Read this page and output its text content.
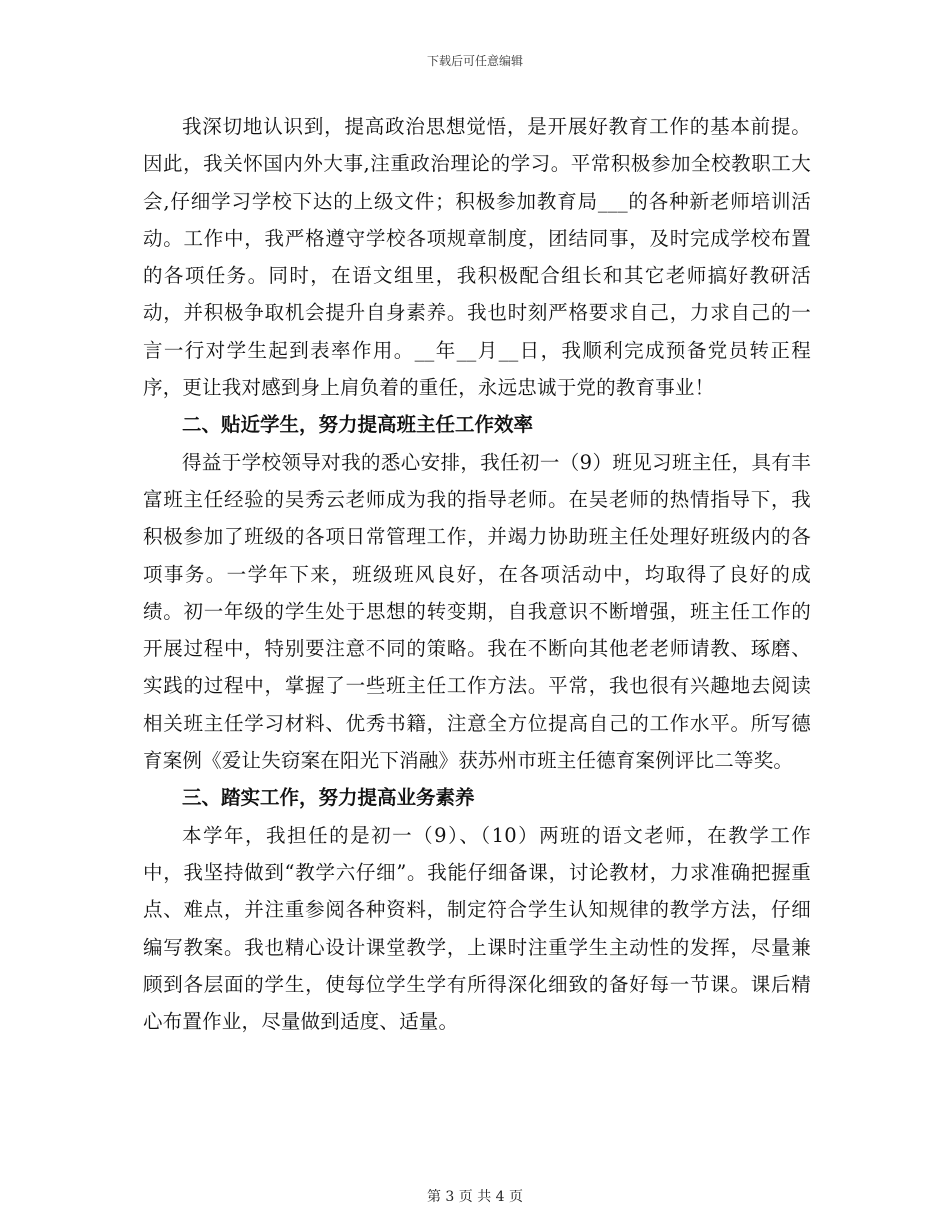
下载后可任意编辑

我深切地认识到，提高政治思想觉悟，是开展好教育工作的基本前提。因此，我关怀国内外大事,注重政治理论的学习。平常积极参加全校教职工大会,仔细学习学校下达的上级文件；积极参加教育局___的各种新老师培训活动。工作中，我严格遵守学校各项规章制度，团结同事，及时完成学校布置的各项任务。同时，在语文组里，我积极配合组长和其它老师搞好教研活动，并积极争取机会提升自身素养。我也时刻严格要求自己，力求自己的一言一行对学生起到表率作用。__年__月__日，我顺利完成预备党员转正程序，更让我对感到身上肩负着的重任，永远忠诚于党的教育事业！

二、贴近学生，努力提高班主任工作效率

得益于学校领导对我的悉心安排，我任初一（9）班见习班主任，具有丰富班主任经验的吴秀云老师成为我的指导老师。在吴老师的热情指导下，我积极参加了班级的各项日常管理工作，并竭力协助班主任处理好班级内的各项事务。一学年下来，班级班风良好，在各项活动中，均取得了良好的成绩。初一年级的学生处于思想的转变期，自我意识不断增强，班主任工作的开展过程中，特别要注意不同的策略。我在不断向其他老老师请教、琢磨、实践的过程中，掌握了一些班主任工作方法。平常，我也很有兴趣地去阅读相关班主任学习材料、优秀书籍，注意全方位提高自己的工作水平。所写德育案例《爱让失窃案在阳光下消融》获苏州市班主任德育案例评比二等奖。

三、踏实工作，努力提高业务素养

本学年，我担任的是初一（9）、（10）两班的语文老师，在教学工作中，我坚持做到“教学六仔细”。我能仔细备课，讨论教材，力求准确把握重点、难点，并注重参阅各种资料，制定符合学生认知规律的教学方法，仔细编写教案。我也精心设计课堂教学，上课时注重学生主动性的发挥，尽量兼顾到各层面的学生，使每位学生学有所得深化细致的备好每一节课。课后精心布置作业，尽量做到适度、适量。

第 3 页 共 4 页
